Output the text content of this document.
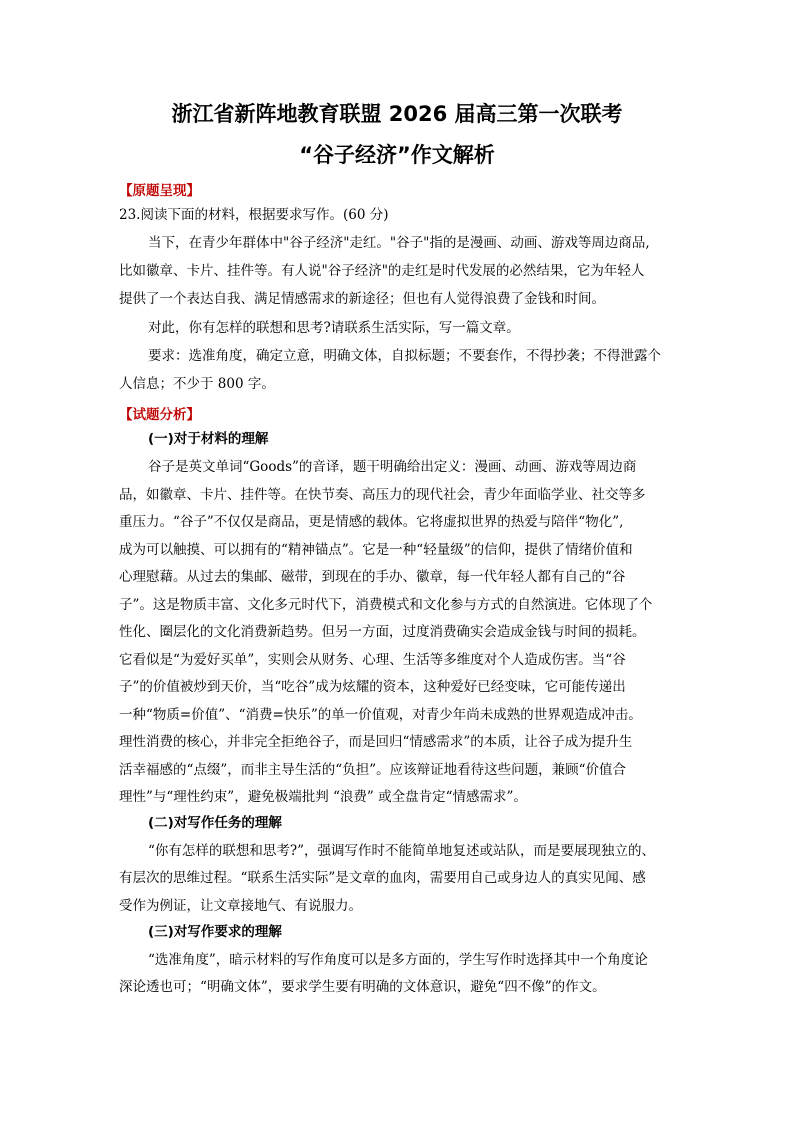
浙江省新阵地教育联盟 2026 届高三第一次联考
“谷子经济”作文解析
【原题呈现】
23.阅读下面的材料，根据要求写作。(60 分)
当下，在青少年群体中"谷子经济"走红。"谷子"指的是漫画、动画、游戏等周边商品,
比如徽章、卡片、挂件等。有人说"谷子经济"的走红是时代发展的必然结果，它为年轻人
提供了一个表达自我、满足情感需求的新途径；但也有人觉得浪费了金钱和时间。
对此，你有怎样的联想和思考?请联系生活实际，写一篇文章。
要求：选准角度，确定立意，明确文体，自拟标题；不要套作，不得抄袭；不得泄露个
人信息；不少于 800 字。
【试题分析】
(一)对于材料的理解
谷子是英文单词“Goods”的音译，题干明确给出定义：漫画、动画、游戏等周边商
品，如徽章、卡片、挂件等。在快节奏、高压力的现代社会，青少年面临学业、社交等多
重压力。“谷子”不仅仅是商品，更是情感的载体。它将虚拟世界的热爱与陪伴“物化”,
成为可以触摸、可以拥有的“精神锚点”。它是一种“轻量级”的信仰，提供了情绪价值和
心理慰藉。从过去的集邮、磁带，到现在的手办、徽章，每一代年轻人都有自己的“谷
子”。这是物质丰富、文化多元时代下，消费模式和文化参与方式的自然演进。它体现了个
性化、圈层化的文化消费新趋势。但另一方面，过度消费确实会造成金钱与时间的损耗。
它看似是“为爱好买单”，实则会从财务、心理、生活等多维度对个人造成伤害。当“谷
子”的价值被炒到天价，当“吃谷”成为炫耀的资本，这种爱好已经变味，它可能传递出
一种“物质=价值”、“消费=快乐”的单一价值观，对青少年尚未成熟的世界观造成冲击。
理性消费的核心，并非完全拒绝谷子，而是回归“情感需求”的本质，让谷子成为提升生
活幸福感的“点缀”，而非主导生活的“负担”。应该辩证地看待这些问题，兼顾“价值合
理性”与“理性约束”，避免极端批判 “浪费” 或全盘肯定“情感需求”。
(二)对写作任务的理解
“你有怎样的联想和思考?”，强调写作时不能简单地复述或站队，而是要展现独立的、
有层次的思维过程。“联系生活实际”是文章的血肉，需要用自己或身边人的真实见闻、感
受作为例证，让文章接地气、有说服力。
(三)对写作要求的理解
“选准角度”，暗示材料的写作角度可以是多方面的，学生写作时选择其中一个角度论
深论透也可；“明确文体”，要求学生要有明确的文体意识，避免“四不像”的作文。
